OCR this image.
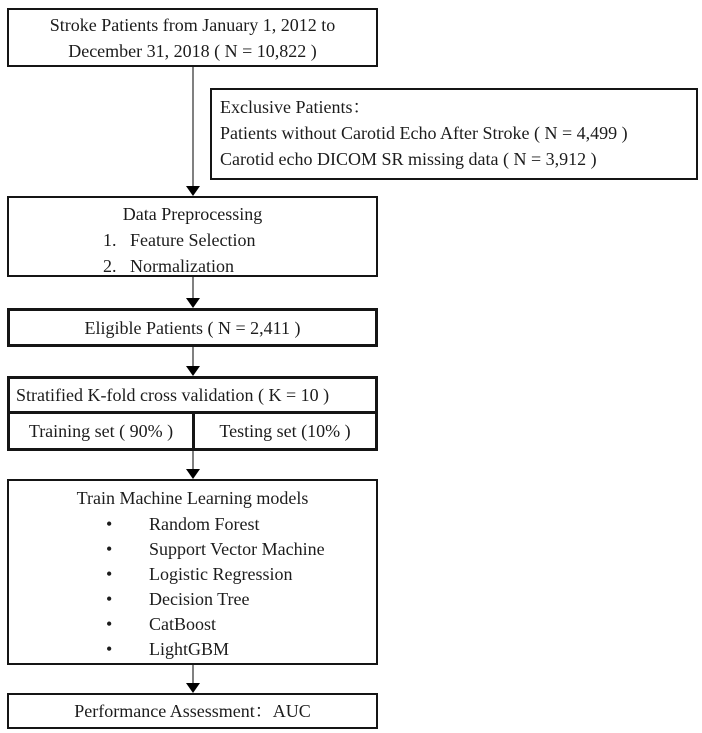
Stroke Patients from January 1, 2012 to
December 31, 2018 ( N = 10,822 )
Exclusive Patients：
Patients without Carotid Echo After Stroke ( N = 4,499 )
Carotid echo DICOM SR missing data ( N = 3,912 )
Data Preprocessing
1. Feature Selection
2. Normalization
Eligible Patients ( N = 2,411 )
Stratified K-fold cross validation ( K = 10 )
Training set ( 90% )	Testing set (10% )
Train Machine Learning models
• Random Forest
• Support Vector Machine
• Logistic Regression
• Decision Tree
• CatBoost
• LightGBM
Performance Assessment：AUC
